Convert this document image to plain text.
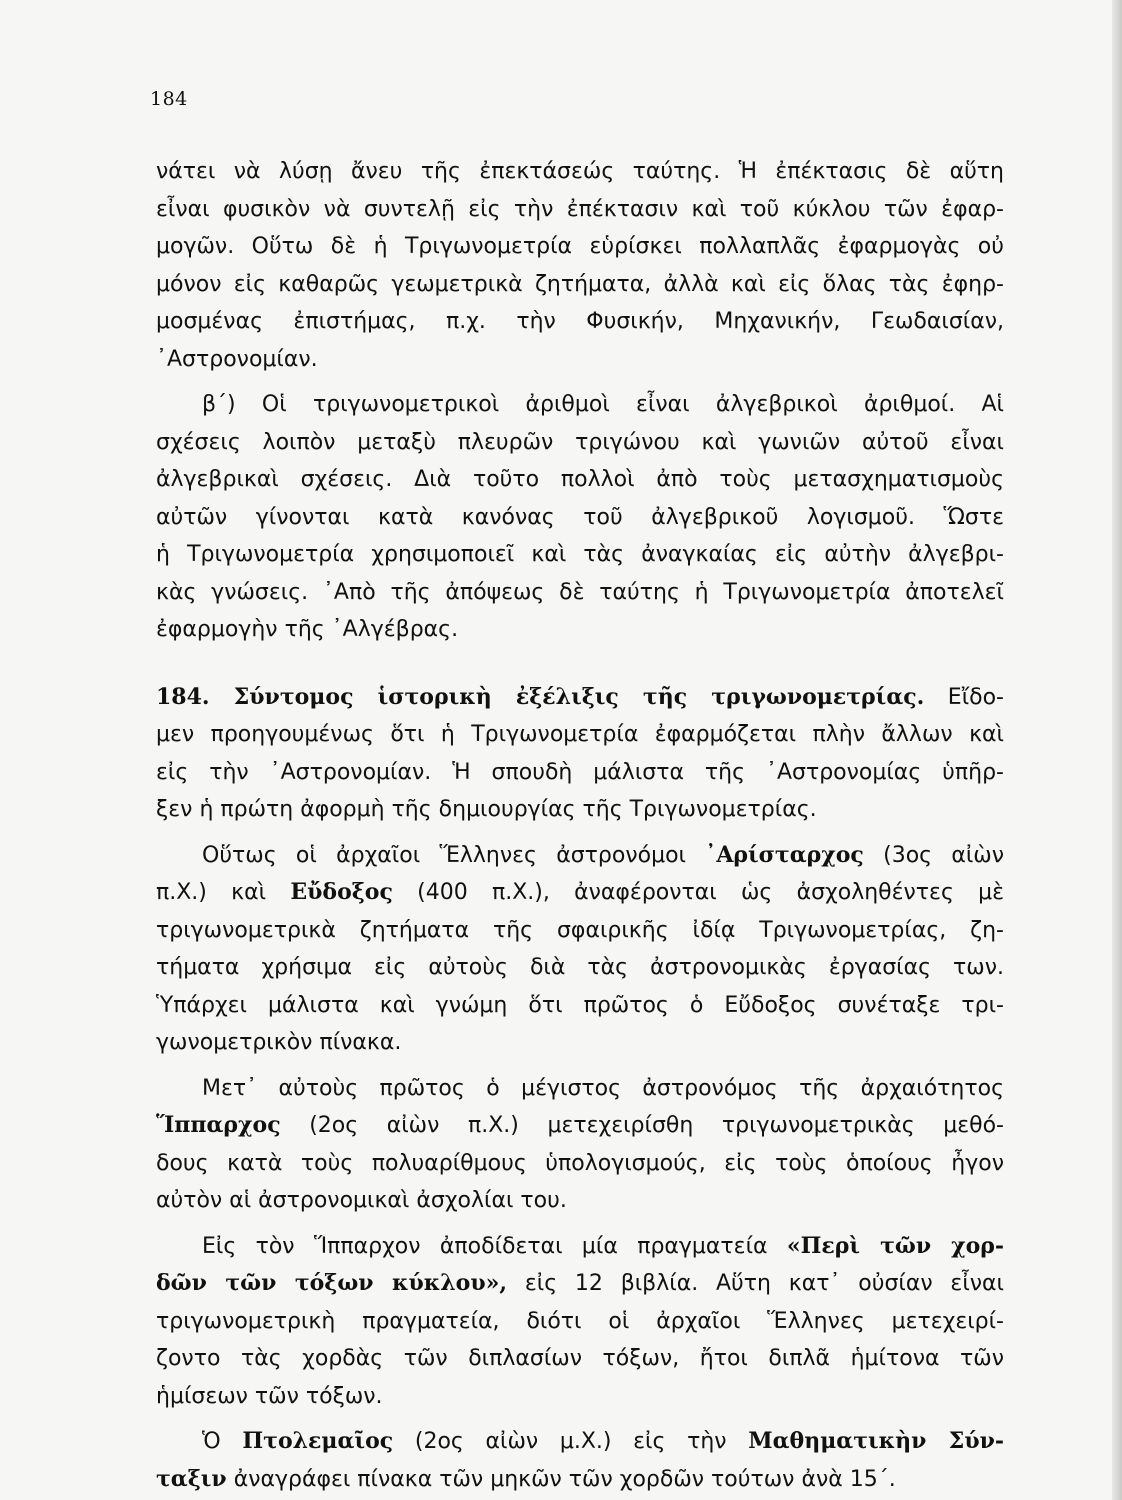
184
νάτει νὰ λύσῃ ἄνευ τῆς ἐπεκτάσεώς ταύτης. Ἡ ἐπέκτασις δὲ αὕτη
εἶναι φυσικὸν νὰ συντελῇ εἰς τὴν ἐπέκτασιν καὶ τοῦ κύκλου τῶν ἐφαρ-
μογῶν. Οὕτω δὲ ἡ Τριγωνομετρία εὑρίσκει πολλαπλᾶς ἐφαρμογὰς οὐ
μόνον εἰς καθαρῶς γεωμετρικὰ ζητήματα, ἀλλὰ καὶ εἰς ὅλας τὰς ἐφηρ-
μοσμένας ἐπιστήμας, π.χ. τὴν Φυσικήν, Μηχανικήν, Γεωδαισίαν,
᾿Αστρονομίαν.
β΄) Οἱ τριγωνομετρικοὶ ἀριθμοὶ εἶναι ἀλγεβρικοὶ ἀριθμοί. Αἱ
σχέσεις λοιπὸν μεταξὺ πλευρῶν τριγώνου καὶ γωνιῶν αὐτοῦ εἶναι
ἀλγεβρικαὶ σχέσεις. Διὰ τοῦτο πολλοὶ ἀπὸ τοὺς μετασχηματισμοὺς
αὐτῶν γίνονται κατὰ κανόνας τοῦ ἀλγεβρικοῦ λογισμοῦ. Ὥστε
ἡ Τριγωνομετρία χρησιμοποιεῖ καὶ τὰς ἀναγκαίας εἰς αὐτὴν ἀλγεβρι-
κὰς γνώσεις. ᾿Απὸ τῆς ἀπόψεως δὲ ταύτης ἡ Τριγωνομετρία ἀποτελεῖ
ἐφαρμογὴν τῆς ᾿Αλγέβρας.
184. Σύντομος ἱστορικὴ ἐξέλιξις τῆς τριγωνομετρίας. Εἴδο-
μεν προηγουμένως ὅτι ἡ Τριγωνομετρία ἐφαρμόζεται πλὴν ἄλλων καὶ
εἰς τὴν ᾿Αστρονομίαν. Ἡ σπουδὴ μάλιστα τῆς ᾿Αστρονομίας ὑπῆρ-
ξεν ἡ πρώτη ἀφορμὴ τῆς δημιουργίας τῆς Τριγωνομετρίας.
Οὕτως οἱ ἀρχαῖοι Ἕλληνες ἀστρονόμοι ᾿Αρίσταρχος (3ος αἰὼν
π.Χ.) καὶ Εὔδοξος (400 π.Χ.), ἀναφέρονται ὡς ἀσχοληθέντες μὲ
τριγωνομετρικὰ ζητήματα τῆς σφαιρικῆς ἰδίᾳ Τριγωνομετρίας, ζη-
τήματα χρήσιμα εἰς αὐτοὺς διὰ τὰς ἀστρονομικὰς ἐργασίας των.
Ὑπάρχει μάλιστα καὶ γνώμη ὅτι πρῶτος ὁ Εὔδοξος συνέταξε τρι-
γωνομετρικὸν πίνακα.
Μετ᾿ αὐτοὺς πρῶτος ὁ μέγιστος ἀστρονόμος τῆς ἀρχαιότητος
Ἵππαρχος (2ος αἰὼν π.Χ.) μετεχειρίσθη τριγωνομετρικὰς μεθό-
δους κατὰ τοὺς πολυαρίθμους ὑπολογισμούς, εἰς τοὺς ὁποίους ἦγον
αὐτὸν αἱ ἀστρονομικαὶ ἀσχολίαι του.
Εἰς τὸν Ἵππαρχον ἀποδίδεται μία πραγματεία «Περὶ τῶν χορ-
δῶν τῶν τόξων κύκλου», εἰς 12 βιβλία. Αὕτη κατ᾿ οὐσίαν εἶναι
τριγωνομετρικὴ πραγματεία, διότι οἱ ἀρχαῖοι Ἕλληνες μετεχειρί-
ζοντο τὰς χορδὰς τῶν διπλασίων τόξων, ἤτοι διπλᾶ ἡμίτονα τῶν
ἡμίσεων τῶν τόξων.
Ὁ Πτολεμαῖος (2ος αἰὼν μ.Χ.) εἰς τὴν Μαθηματικὴν Σύν-
ταξιν ἀναγράφει πίνακα τῶν μηκῶν τῶν χορδῶν τούτων ἀνὰ 15΄.
